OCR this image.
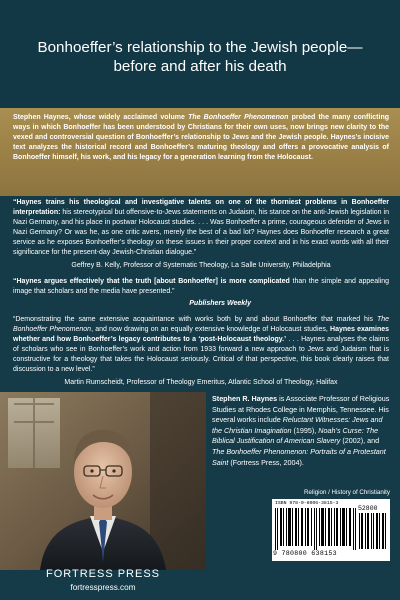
Bonhoeffer’s relationship to the Jewish people—
before and after his death
Stephen Haynes, whose widely acclaimed volume The Bonhoeffer Phenomenon probed the many conflicting ways in which Bonhoeffer has been understood by Christians for their own uses, now brings new clarity to the vexed and controversial question of Bonhoeffer’s relationship to Jews and the Jewish people. Haynes’s incisive text analyzes the historical record and Bonhoeffer’s maturing theology and offers a provocative analysis of Bonhoeffer himself, his work, and his legacy for a generation learning from the Holocaust.

“Haynes trains his theological and investigative talents on one of the thorniest problems in Bonhoeffer interpretation: his stereotypical but offensive-to-Jews statements on Judaism, his stance on the anti-Jewish legislation in Nazi Germany, and his place in postwar Holocaust studies. . . . Was Bonhoeffer a prime, courageous defender of Jews in Nazi Germany? Or was he, as one critic avers, merely the best of a bad lot? Haynes does Bonhoeffer research a great service as he exposes Bonhoeffer’s theology on these issues in their proper context and in his exact words with all their significance for the present-day Jewish-Christian dialogue.”

Geffrey B. Kelly, Professor of Systematic Theology, La Salle University, Philadelphia

“Haynes argues effectively that the truth [about Bonhoeffer] is more complicated than the simple and appealing image that scholars and the media have presented.”

Publishers Weekly

“Demonstrating the same extensive acquaintance with works both by and about Bonhoeffer that marked his The Bonhoeffer Phenomenon, and now drawing on an equally extensive knowledge of Holocaust studies, Haynes examines whether and how Bonhoeffer’s legacy contributes to a ‘post-Holocaust theology.’ . . . Haynes analyses the claims of scholars who see in Bonhoeffer’s work and action from 1933 forward a new approach to Jews and Judaism that is constructive for a theology that takes the Holocaust seriously. Critical of that perspective, this book clearly raises that discussion to a new level.”

Martin Rumscheidt, Professor of Theology Emeritus, Atlantic School of Theology, Halifax

Stephen R. Haynes is Associate Professor of Religious Studies at Rhodes College in Memphis, Tennessee. His several works include Reluctant Witnesses: Jews and the Christian Imagination (1995), Noah’s Curse: The Biblical Justification of American Slavery (2002), and The Bonhoeffer Phenomenon: Portraits of a Protestant Saint (Fortress Press, 2004).
Religion / History of Christianity
ISBN 978-0-8006-3815-3
52800
9 780800 638153
FORTRESS PRESS
fortresspress.com
